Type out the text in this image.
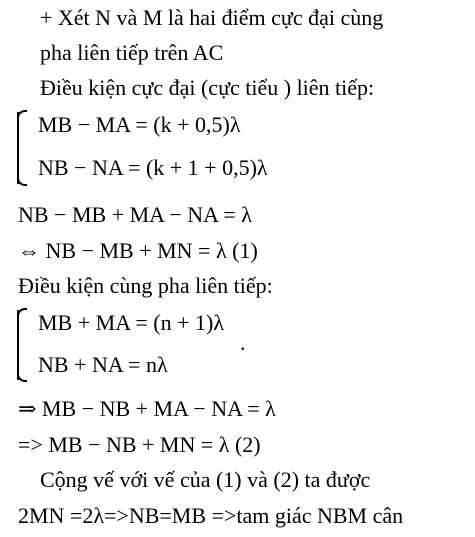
+ Xét N và M là hai điểm cực đại cùng
pha liên tiếp trên AC
Điều kiện cực đại (cực tiểu ) liên tiếp:
MB − MA = (k + 0,5)λ
NB − NA = (k + 1 + 0,5)λ
NB − MB + MA − NA = λ
⇔ NB − MB + MN = λ (1)
Điều kiện cùng pha liên tiếp:
MB + MA = (n + 1)λ
NB + NA = nλ
.
⇒ MB − NB + MA − NA = λ
=> MB − NB + MN = λ (2)
Cộng vế với vế của (1) và (2) ta được
2MN =2λ=>NB=MB =>tam giác NBM cân
